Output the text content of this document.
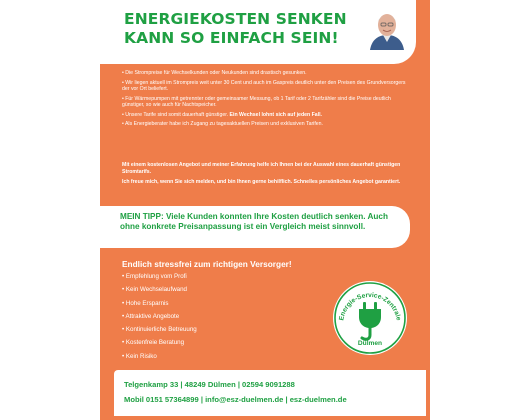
ENERGIEKOSTEN SENKEN
KANN SO EINFACH SEIN!
• Die Strompreise für Wechselkunden oder Neukunden sind drastisch gesunken.
• Wir liegen aktuell im Strompreis weit unter 30 Cent und auch im Gaspreis deutlich unter den Preisen des Grundversorgers der vor Ort beliefert.
• Für Wärmepumpen mit getrennter oder gemeinsamer Messung, ob 1 Tarif oder 2 Tarifzähler sind die Preise deutlich günstiger, so wie auch für Nachtspeicher.
• Unsere Tarife sind somit dauerhaft günstiger. Ein Wechsel lohnt sich auf jeden Fall.
• Als Energieberater habe ich Zugang zu tagesaktuellen Preisen und exklusiven Tarifen.

Mit einem kostenlosen Angebot und meiner Erfahrung helfe ich Ihnen bei der Auswahl eines dauerhaft günstigen Stromtarifs.

Ich freue mich, wenn Sie sich melden, und bin Ihnen gerne behilflich. Schnelles persönliches Angebot garantiert.

MEIN TIPP: Viele Kunden konnten Ihre Kosten deutlich senken. Auch ohne konkrete Preisanpassung ist ein Vergleich meist sinnvoll.

Endlich stressfrei zum richtigen Versorger!
• Empfehlung vom Profi
• Kein Wechselaufwand
• Hohe Ersparnis
• Attraktive Angebote
• Kontinuierliche Betreuung
• Kostenfreie Beratung
• Kein Risiko
Energie-Service-Zentrale
Dülmen
Telgenkamp 33 | 48249 Dülmen | 02594 9091288
Mobil 0151 57364899 | info@esz-duelmen.de | esz-duelmen.de
